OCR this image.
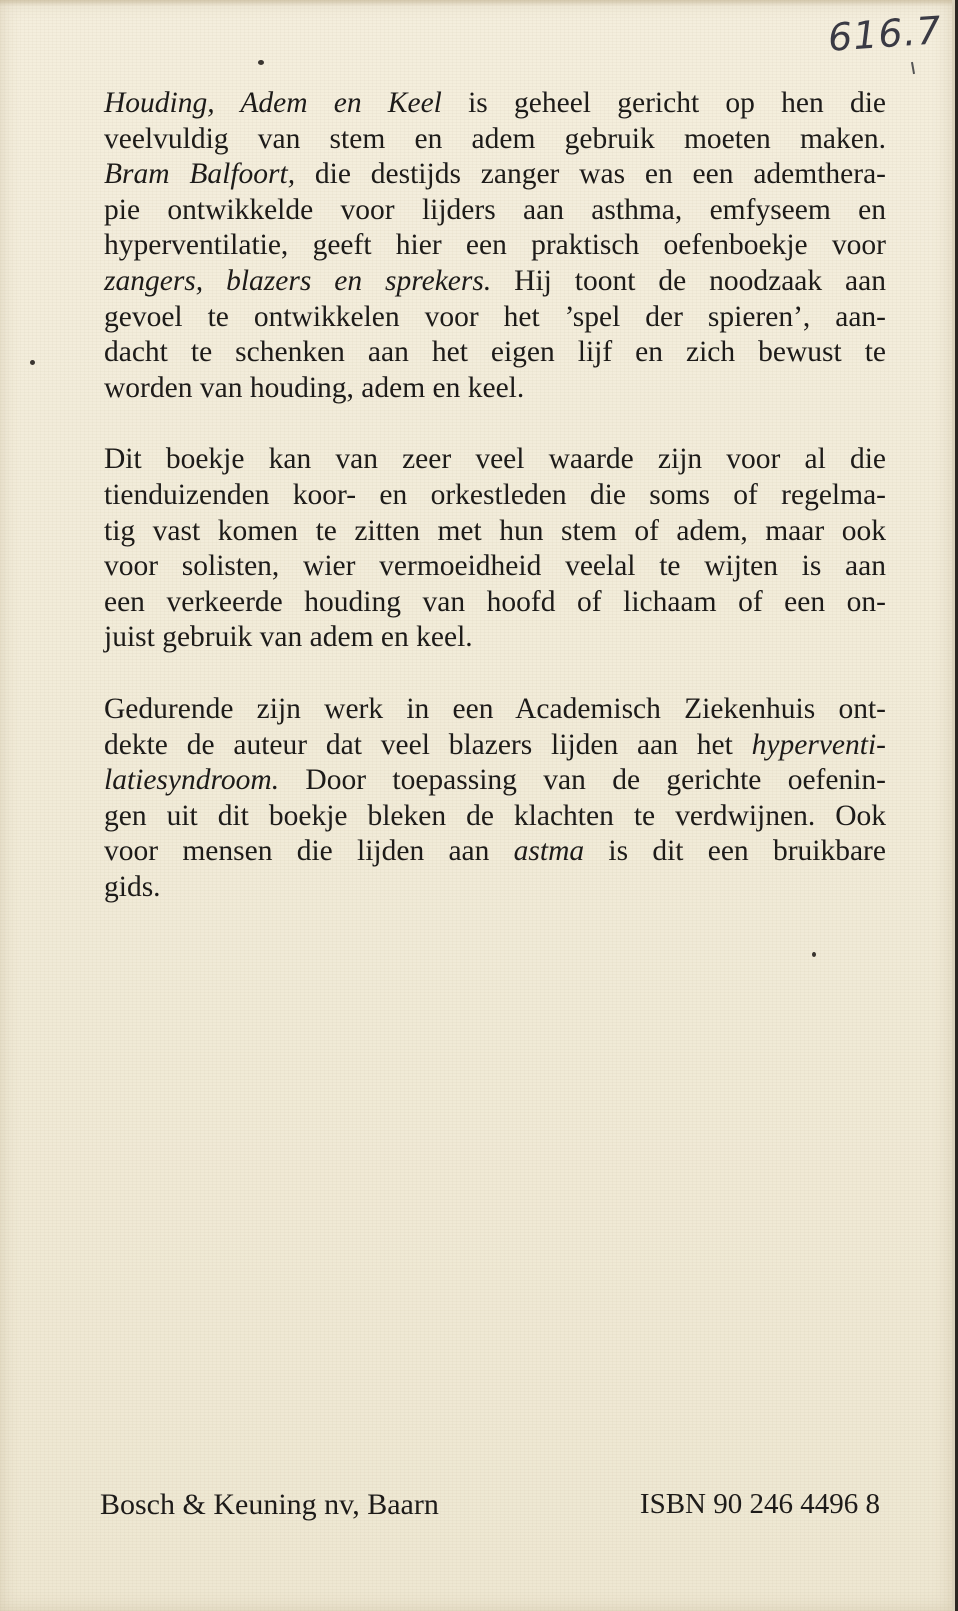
616.7

Houding, Adem en Keel is geheel gericht op hen die
veelvuldig van stem en adem gebruik moeten maken.
Bram Balfoort, die destijds zanger was en een ademthera-
pie ontwikkelde voor lijders aan asthma, emfyseem en
hyperventilatie, geeft hier een praktisch oefenboekje voor
zangers, blazers en sprekers. Hij toont de noodzaak aan
gevoel te ontwikkelen voor het ’spel der spieren’, aan-
dacht te schenken aan het eigen lijf en zich bewust te
worden van houding, adem en keel.

Dit boekje kan van zeer veel waarde zijn voor al die
tienduizenden koor- en orkestleden die soms of regelma-
tig vast komen te zitten met hun stem of adem, maar ook
voor solisten, wier vermoeidheid veelal te wijten is aan
een verkeerde houding van hoofd of lichaam of een on-
juist gebruik van adem en keel.

Gedurende zijn werk in een Academisch Ziekenhuis ont-
dekte de auteur dat veel blazers lijden aan het hyperventi-
latiesyndroom. Door toepassing van de gerichte oefenin-
gen uit dit boekje bleken de klachten te verdwijnen. Ook
voor mensen die lijden aan astma is dit een bruikbare
gids.

Bosch & Keuning nv, Baarn	ISBN 90 246 4496 8
